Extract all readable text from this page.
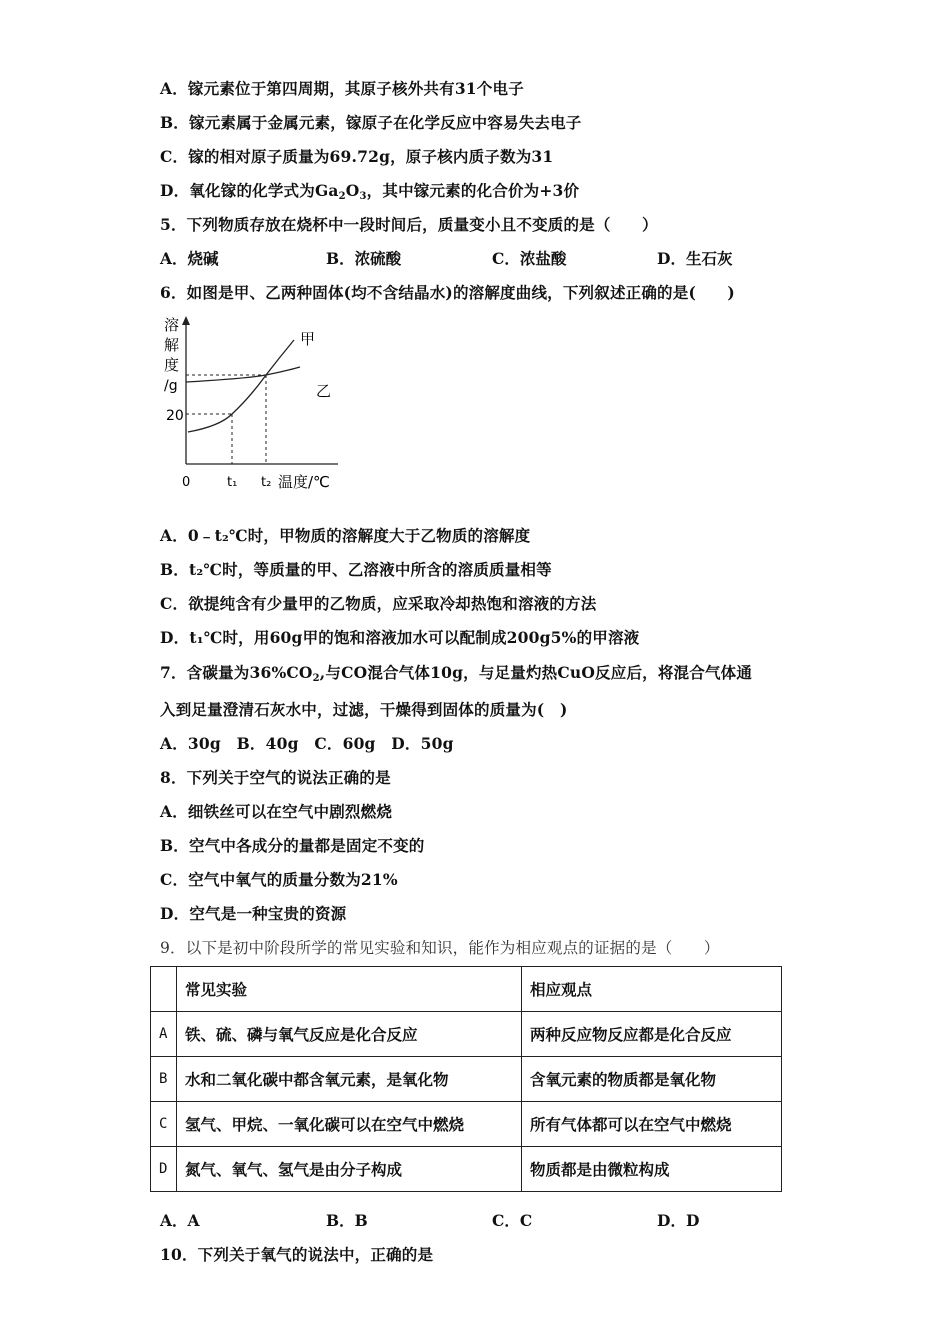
A．镓元素位于第四周期，其原子核外共有31个电子
B．镓元素属于金属元素，镓原子在化学反应中容易失去电子
C．镓的相对原子质量为69.72g，原子核内质子数为31
D．氧化镓的化学式为$Ga_2O_3$，其中镓元素的化合价为+3价
5．下列物质存放在烧杯中一段时间后，质量变小且不变质的是（　　）
A．烧碱	B．浓硫酸	C．浓盐酸	D．生石灰
6．如图是甲、乙两种固体(均不含结晶水)的溶解度曲线，下列叙述正确的是(　　)
溶
解
度
/g
20
0	t₁ t₂ 温度/℃
甲
乙
A．0﹣t₂℃时，甲物质的溶解度大于乙物质的溶解度
B．t₂℃时，等质量的甲、乙溶液中所含的溶质质量相等
C．欲提纯含有少量甲的乙物质，应采取冷却热饱和溶液的方法
D．t₁℃时，用60g甲的饱和溶液加水可以配制成200g5%的甲溶液
7．含碳量为$36\%CO_2$,与CO混合气体10g，与足量灼热CuO反应后，将混合气体通
入到足量澄清石灰水中，过滤，干燥得到固体的质量为(　)
A．30g　B．40g　C．60g　D．50g
8．下列关于空气的说法正确的是
A．细铁丝可以在空气中剧烈燃烧
B．空气中各成分的量都是固定不变的
C．空气中氧气的质量分数为21%
D．空气是一种宝贵的资源
9．以下是初中阶段所学的常见实验和知识，能作为相应观点的证据的是（　　）
	常见实验	相应观点
A	铁、硫、磷与氧气反应是化合反应	两种反应物反应都是化合反应
B	水和二氧化碳中都含氧元素，是氧化物	含氧元素的物质都是氧化物
C	氢气、甲烷、一氧化碳可以在空气中燃烧	所有气体都可以在空气中燃烧
D	氮气、氧气、氢气是由分子构成	物质都是由微粒构成
A．A	B．B	C．C	D．D
10．下列关于氧气的说法中，正确的是
